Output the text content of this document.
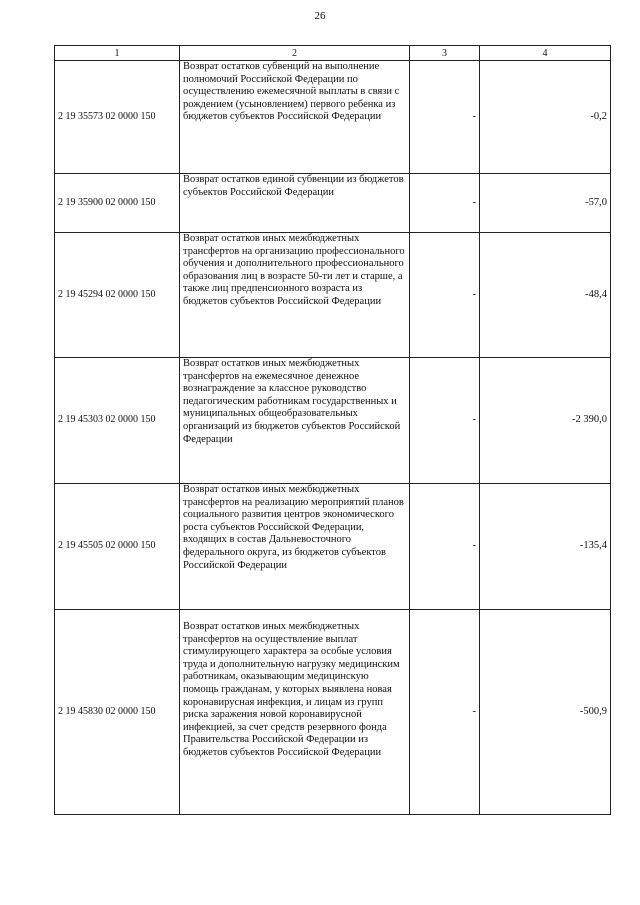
26
1	2	3	4
2 19 35573 02 0000 150	Возврат остатков субвенций на выполнение полномочий Российской Федерации по осуществлению ежемесячной выплаты в связи с рождением (усыновлением) первого ребенка из бюджетов субъектов Российской Федерации	-	-0,2
2 19 35900 02 0000 150	Возврат остатков единой субвенции из бюджетов субъектов Российской Федерации	-	-57,0
2 19 45294 02 0000 150	Возврат остатков иных межбюджетных трансфертов на организацию профессионального обучения и дополнительного профессионального образования лиц в возрасте 50-ти лет и старше, а также лиц предпенсионного возраста из бюджетов субъектов Российской Федерации	-	-48,4
2 19 45303 02 0000 150	Возврат остатков иных межбюджетных трансфертов на ежемесячное денежное вознаграждение за классное руководство педагогическим работникам государственных и муниципальных общеобразовательных организаций из бюджетов субъектов Российской Федерации	-	-2 390,0
2 19 45505 02 0000 150	Возврат остатков иных межбюджетных трансфертов на реализацию мероприятий планов социального развития центров экономического роста субъектов Российской Федерации, входящих в состав Дальневосточного федерального округа, из бюджетов субъектов Российской Федерации	-	-135,4
2 19 45830 02 0000 150	Возврат остатков иных межбюджетных трансфертов на осуществление выплат стимулирующего характера за особые условия труда и дополнительную нагрузку медицинским работникам, оказывающим медицинскую помощь гражданам, у которых выявлена новая коронавирусная инфекция, и лицам из групп риска заражения новой коронавирусной инфекцией, за счет средств резервного фонда Правительства Российской Федерации из бюджетов субъектов Российской Федерации	-	-500,9
